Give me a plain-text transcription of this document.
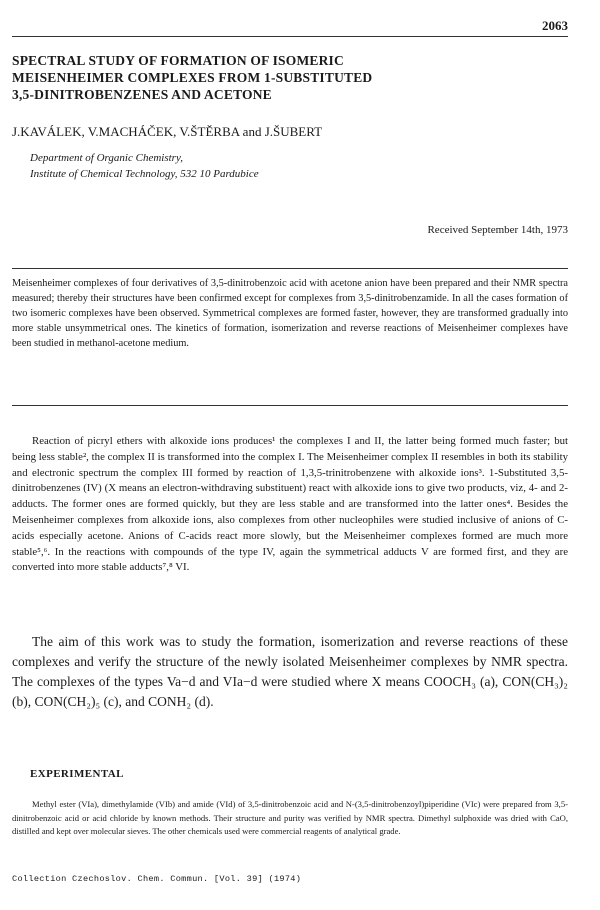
2063
SPECTRAL STUDY OF FORMATION OF ISOMERIC
MEISENHEIMER COMPLEXES FROM 1-SUBSTITUTED
3,5-DINITROBENZENES AND ACETONE
J.KAVÁLEK, V.MACHÁČEK, V.ŠTĚRBA and J.ŠUBERT
Department of Organic Chemistry,
Institute of Chemical Technology, 532 10 Pardubice
Received September 14th, 1973
Meisenheimer complexes of four derivatives of 3,5-dinitrobenzoic acid with acetone anion have been prepared and their NMR spectra measured; thereby their structures have been confirmed except for complexes from 3,5-dinitrobenzamide. In all the cases formation of two isomeric complexes have been observed. Symmetrical complexes are formed faster, however, they are transformed gradually into more stable unsymmetrical ones. The kinetics of formation, isomerization and reverse reactions of Meisenheimer complexes have been studied in methanol-acetone medium.

Reaction of picryl ethers with alkoxide ions produces¹ the complexes I and II, the latter being formed much faster; but being less stable², the complex II is transformed into the complex I. The Meisenheimer complex II resembles in both its stability and electronic spectrum the complex III formed by reaction of 1,3,5-trinitrobenzene with alkoxide ions³. 1-Substituted 3,5-dinitrobenzenes (IV) (X means an electron-withdraving substituent) react with alkoxide ions to give two products, viz, 4- and 2-adducts. The former ones are formed quickly, but they are less stable and are transformed into the latter ones⁴. Besides the Meisenheimer complexes from alkoxide ions, also complexes from other nucleophiles were studied inclusive of anions of C-acids especially acetone. Anions of C-acids react more slowly, but the Meisenheimer complexes formed are much more stable⁵,⁶. In the reactions with compounds of the type IV, again the symmetrical adducts V are formed first, and they are converted into more stable adducts⁷,⁸ VI.

The aim of this work was to study the formation, isomerization and reverse reactions of these complexes and verify the structure of the newly isolated Meisenheimer complexes by NMR spectra. The complexes of the types Va−d and VIa−d were studied where X means COOCH₃ (a), CON(CH₃)₂ (b), CON(CH₂)₅ (c), and CONH₂ (d).

EXPERIMENTAL

Methyl ester (VIa), dimethylamide (VIb) and amide (VId) of 3,5-dinitrobenzoic acid and N-(3,5-dinitrobenzoyl)piperidine (VIc) were prepared from 3,5-dinitrobenzoic acid or acid chloride by known methods. Their structure and purity was verified by NMR spectra. Dimethyl sulphoxide was dried with CaO, distilled and kept over molecular sieves. The other chemicals used were commercial reagents of analytical grade.

Collection Czechoslov. Chem. Commun. [Vol. 39] (1974)
